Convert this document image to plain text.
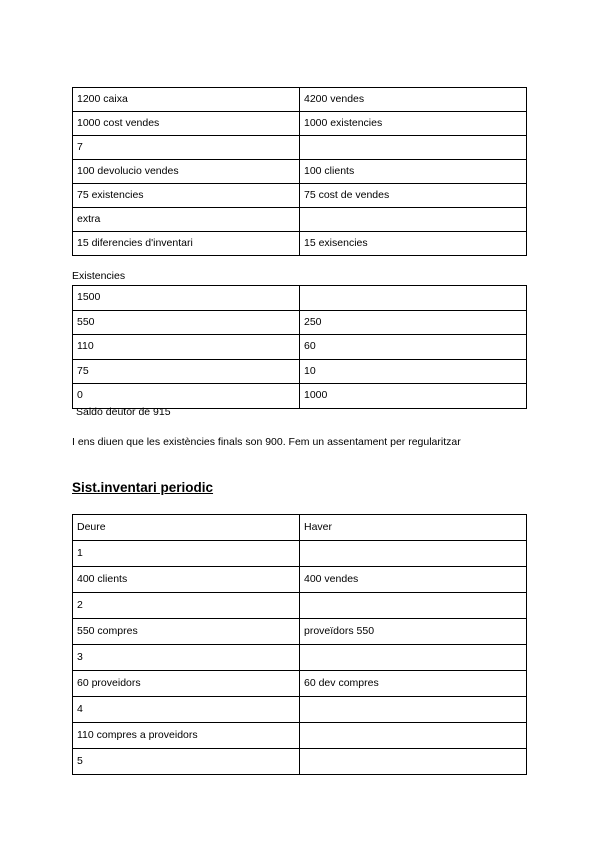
1200 caixa	4200 vendes
1000 cost vendes	1000 existencies
7	
100 devolucio vendes	100 clients
75 existencies	75 cost de vendes
extra	
15 diferencies d'inventari	15 exisencies
Existencies
1500	
550	250
110	60
75	10
0	1000
Saldo deutor de 915
I ens diuen que les existències finals son 900. Fem un assentament per regularitzar
Sist.inventari periodic
Deure	Haver
1	
400 clients	400 vendes
2	
550 compres	proveïdors 550
3	
60 proveidors	60 dev compres
4	
110 compres a proveidors	
5	
